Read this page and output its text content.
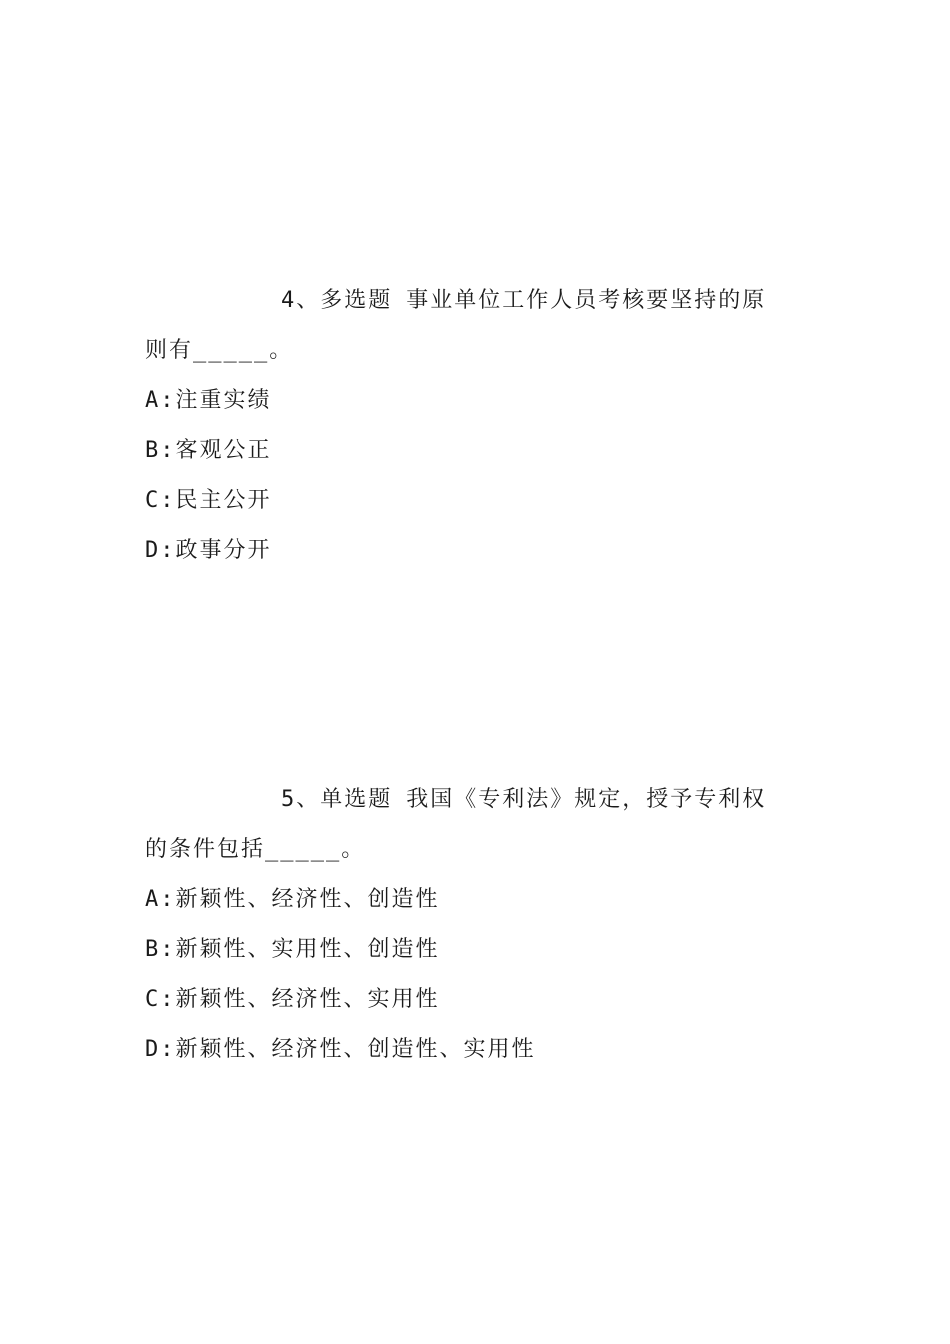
4、多选题 事业单位工作人员考核要坚持的原
则有_____。

A:注重实绩

B:客观公正

C:民主公开

D:政事分开

5、单选题 我国《专利法》规定，授予专利权
的条件包括_____。

A:新颖性、经济性、创造性

B:新颖性、实用性、创造性

C:新颖性、经济性、实用性

D:新颖性、经济性、创造性、实用性
